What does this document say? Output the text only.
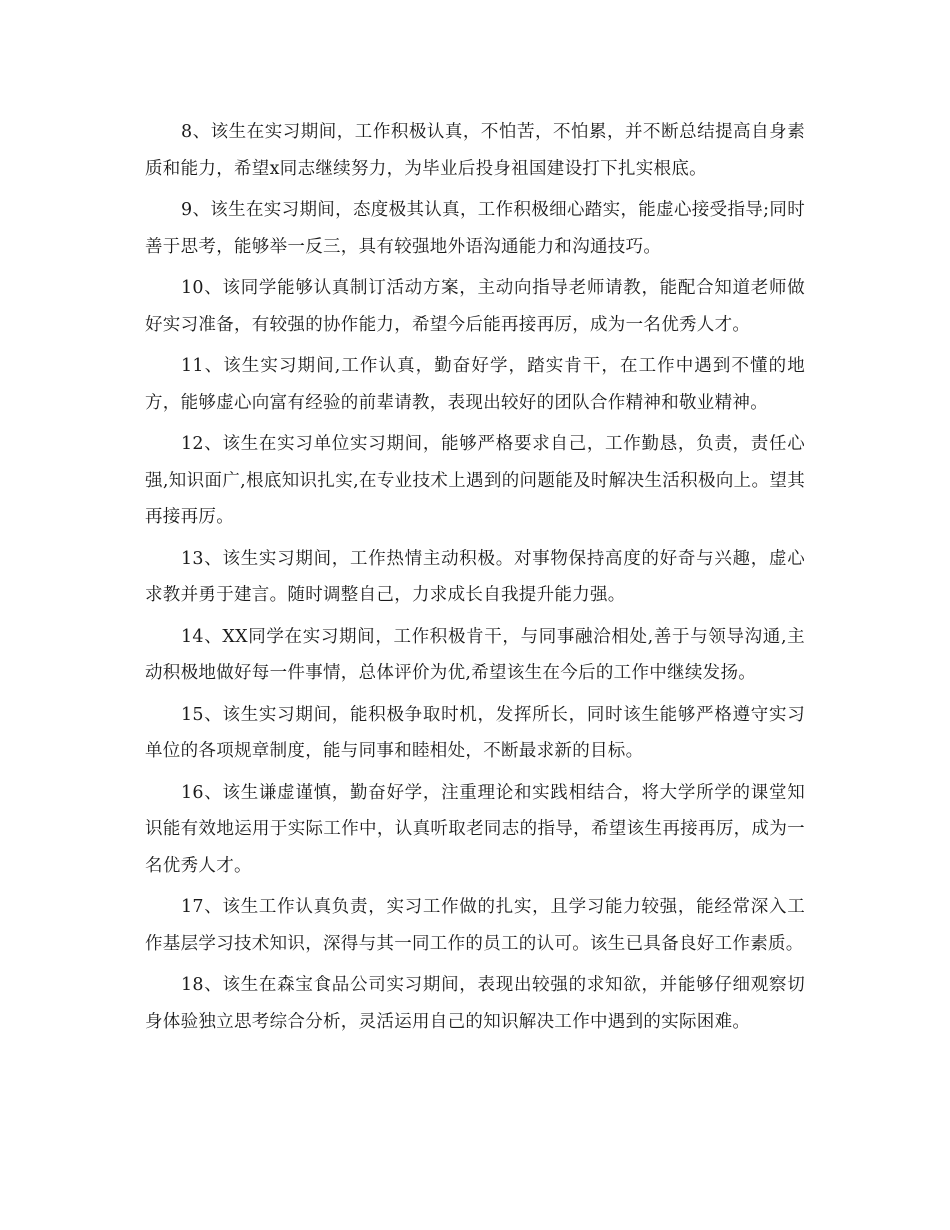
8、该生在实习期间，工作积极认真，不怕苦，不怕累，并不断总结提高自身素质和能力，希望x同志继续努力，为毕业后投身祖国建设打下扎实根底。

9、该生在实习期间，态度极其认真，工作积极细心踏实，能虚心接受指导;同时善于思考，能够举一反三，具有较强地外语沟通能力和沟通技巧。

10、该同学能够认真制订活动方案，主动向指导老师请教，能配合知道老师做好实习准备，有较强的协作能力，希望今后能再接再厉，成为一名优秀人才。

11、该生实习期间,工作认真，勤奋好学，踏实肯干，在工作中遇到不懂的地方，能够虚心向富有经验的前辈请教，表现出较好的团队合作精神和敬业精神。

12、该生在实习单位实习期间，能够严格要求自己，工作勤恳，负责，责任心强,知识面广,根底知识扎实,在专业技术上遇到的问题能及时解决生活积极向上。望其再接再厉。

13、该生实习期间，工作热情主动积极。对事物保持高度的好奇与兴趣，虚心求教并勇于建言。随时调整自己，力求成长自我提升能力强。

14、XX同学在实习期间，工作积极肯干，与同事融洽相处,善于与领导沟通,主动积极地做好每一件事情，总体评价为优,希望该生在今后的工作中继续发扬。

15、该生实习期间，能积极争取时机，发挥所长，同时该生能够严格遵守实习单位的各项规章制度，能与同事和睦相处，不断最求新的目标。

16、该生谦虚谨慎，勤奋好学，注重理论和实践相结合，将大学所学的课堂知识能有效地运用于实际工作中，认真听取老同志的指导，希望该生再接再厉，成为一名优秀人才。

17、该生工作认真负责，实习工作做的扎实，且学习能力较强，能经常深入工作基层学习技术知识，深得与其一同工作的员工的认可。该生已具备良好工作素质。

18、该生在森宝食品公司实习期间，表现出较强的求知欲，并能够仔细观察切身体验独立思考综合分析，灵活运用自己的知识解决工作中遇到的实际困难。
